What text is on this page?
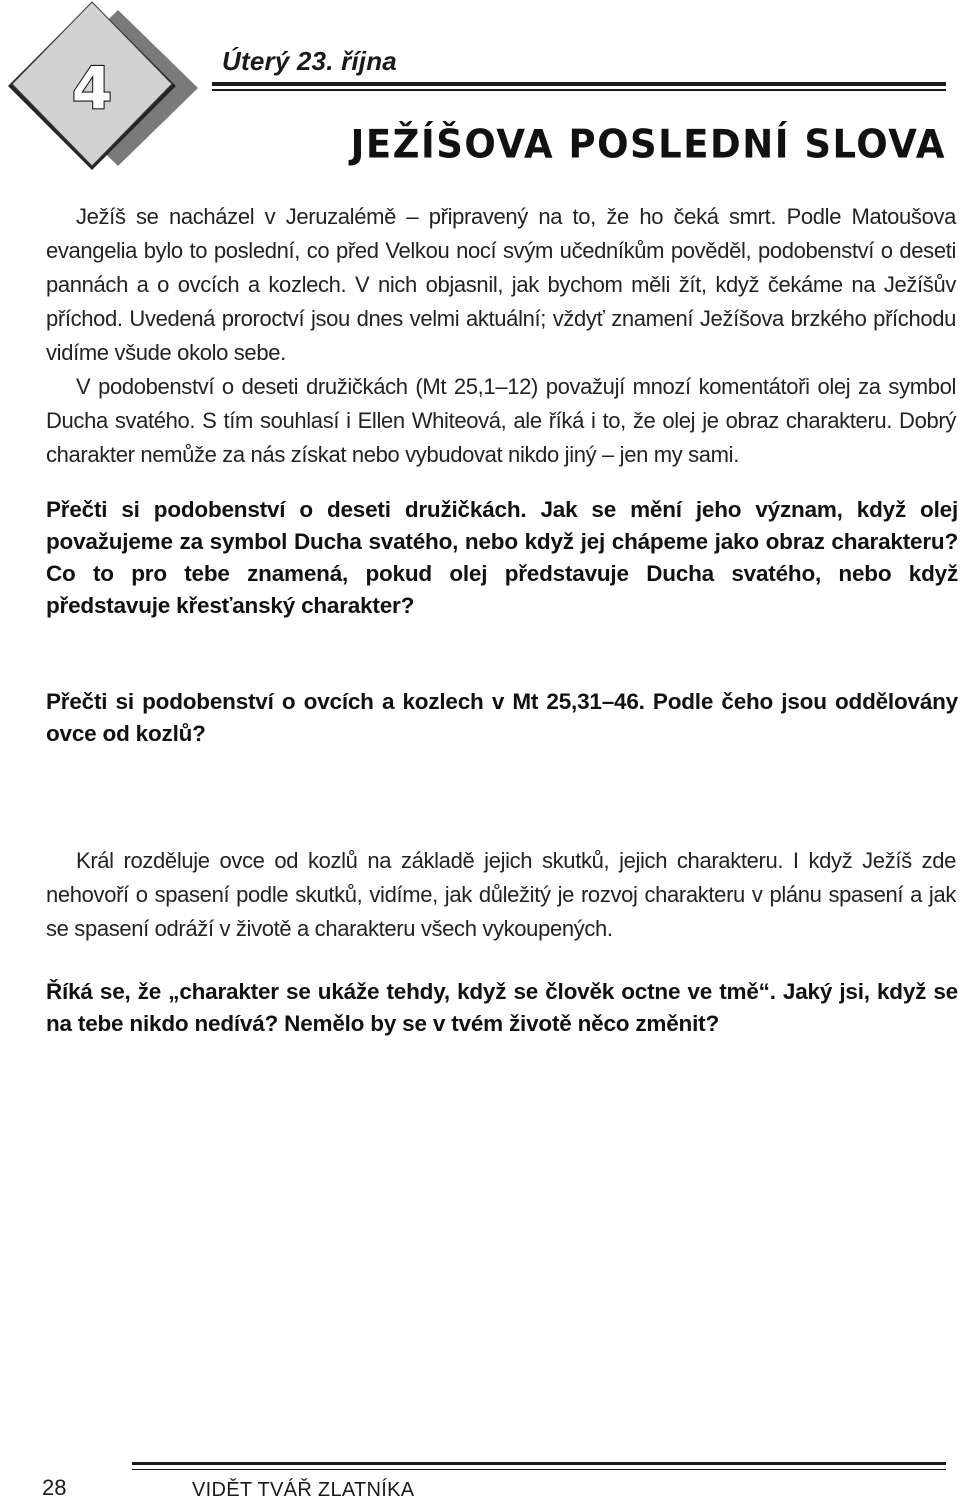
4	Úterý 23. října
JEŽÍŠOVA POSLEDNÍ SLOVA

Ježíš se nacházel v Jeruzalémě – připravený na to, že ho čeká smrt. Podle Matoušova evangelia bylo to poslední, co před Velkou nocí svým učedníkům pověděl, podobenství o deseti pannách a o ovcích a kozlech. V nich objasnil, jak bychom měli žít, když čekáme na Ježíšův příchod. Uvedená proroctví jsou dnes velmi aktuální; vždyť znamení Ježíšova brzkého příchodu vidíme všude okolo sebe.

V podobenství o deseti družičkách (Mt 25,1–12) považují mnozí komentátoři olej za symbol Ducha svatého. S tím souhlasí i Ellen Whiteová, ale říká i to, že olej je obraz charakteru. Dobrý charakter nemůže za nás získat nebo vybudovat nikdo jiný – jen my sami.

Přečti si podobenství o deseti družičkách. Jak se mění jeho význam, když olej považujeme za symbol Ducha svatého, nebo když jej chápeme jako obraz charakteru? Co to pro tebe znamená, pokud olej představuje Ducha svatého, nebo když představuje křesťanský charakter?

Přečti si podobenství o ovcích a kozlech v Mt 25,31–46. Podle čeho jsou oddělovány ovce od kozlů?

Král rozděluje ovce od kozlů na základě jejich skutků, jejich charakteru. I když Ježíš zde nehovoří o spasení podle skutků, vidíme, jak důležitý je rozvoj charakteru v plánu spasení a jak se spasení odráží v životě a charakteru všech vykoupených.

Říká se, že „charakter se ukáže tehdy, když se člověk octne ve tmě“. Jaký jsi, když se na tebe nikdo nedívá? Nemělo by se v tvém životě něco změnit?

28	VIDĚT TVÁŘ ZLATNÍKA
